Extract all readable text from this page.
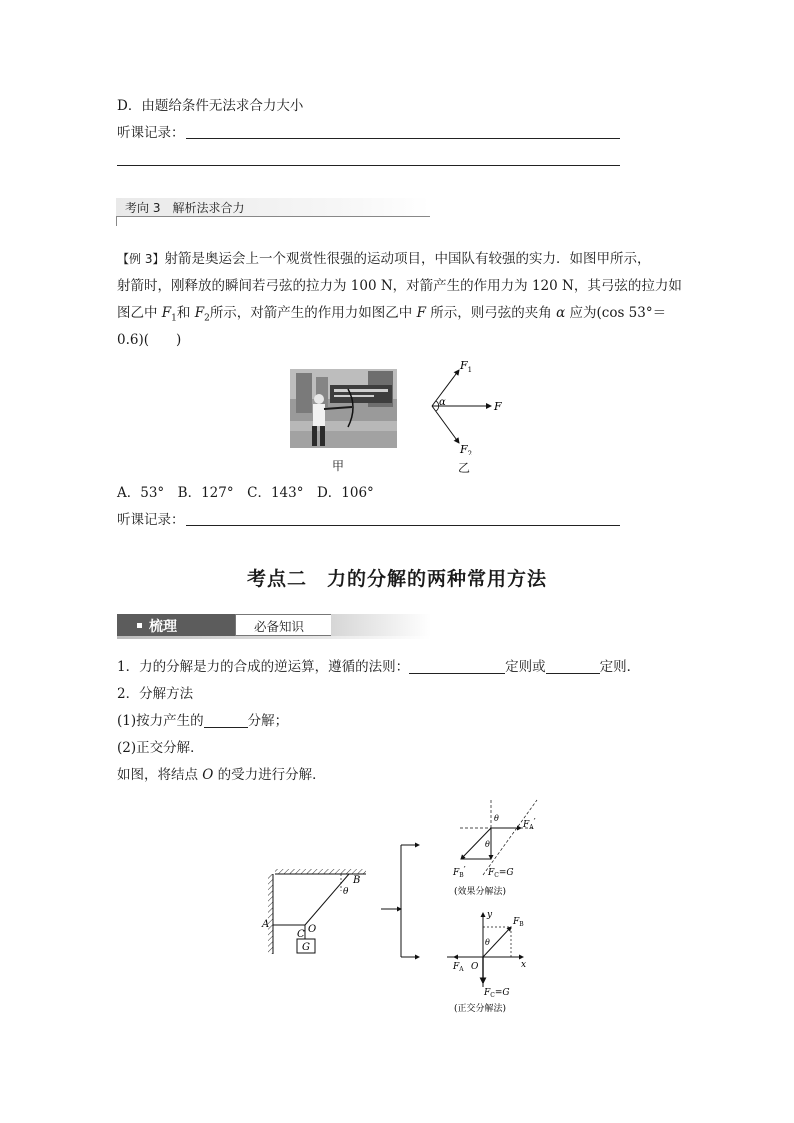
D．由题给条件无法求合力大小
听课记录：
考向 3　解析法求合力
【例 3】射箭是奥运会上一个观赏性很强的运动项目，中国队有较强的实力．如图甲所示，
射箭时，刚释放的瞬间若弓弦的拉力为 100 N，对箭产生的作用力为 120 N，其弓弦的拉力如
图乙中 $F_1$和 $F_2$所示，对箭产生的作用力如图乙中 F 所示，则弓弦的夹角 α 应为(cos 53°＝
0.6)(　　)
甲
$F_1$
$F_2$
F
α
乙
A．53°　B．127°　C．143°　D．106°
听课记录：
考点二　力的分解的两种常用方法
梳理	必备知识
1．力的分解是力的合成的逆运算，遵循的法则：	定则或	定则．
2．分解方法
(1)按力产生的	分解；
(2)正交分解．
如图，将结点 O 的受力进行分解．
A
B
C O
G
θ
θ
θ
$F_A'$
$F_B'$ $F_C=G$
(效果分解法)
y
x
θ
$F_B$
$F_A$ O
$F_C=G$
(正交分解法)
